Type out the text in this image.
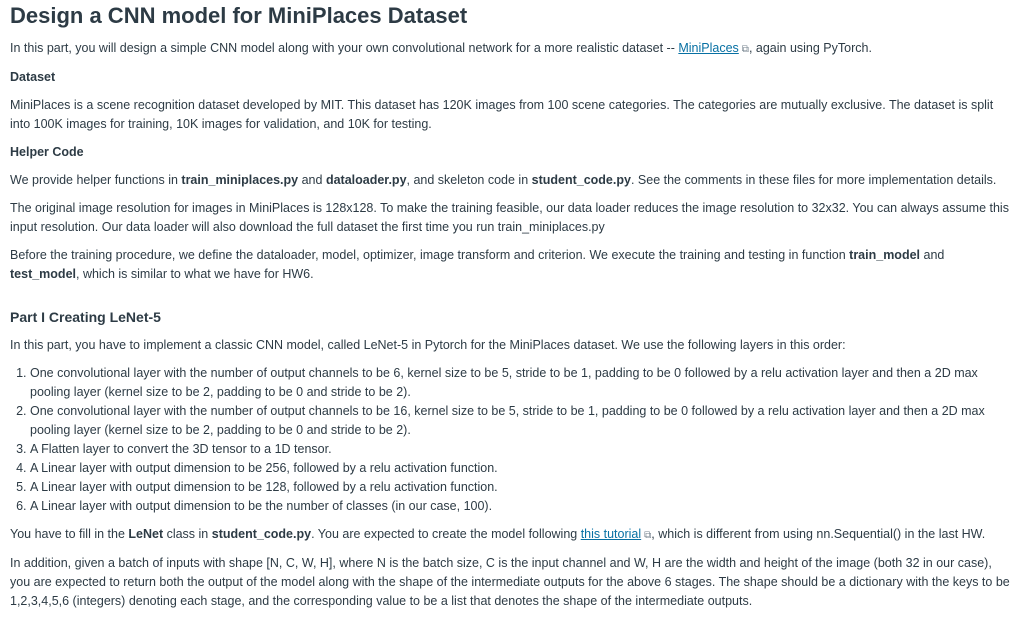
Design a CNN model for MiniPlaces Dataset

In this part, you will design a simple CNN model along with your own convolutional network for a more realistic dataset -- MiniPlaces ⧉, again using PyTorch.

Dataset

MiniPlaces is a scene recognition dataset developed by MIT. This dataset has 120K images from 100 scene categories. The categories are mutually exclusive. The dataset is split into 100K images for training, 10K images for validation, and 10K for testing.

Helper Code

We provide helper functions in train_miniplaces.py and dataloader.py, and skeleton code in student_code.py. See the comments in these files for more implementation details.

The original image resolution for images in MiniPlaces is 128x128. To make the training feasible, our data loader reduces the image resolution to 32x32. You can always assume this input resolution. Our data loader will also download the full dataset the first time you run train_miniplaces.py

Before the training procedure, we define the dataloader, model, optimizer, image transform and criterion. We execute the training and testing in function train_model and test_model, which is similar to what we have for HW6.

Part I Creating LeNet-5

In this part, you have to implement a classic CNN model, called LeNet-5 in Pytorch for the MiniPlaces dataset. We use the following layers in this order:

1. One convolutional layer with the number of output channels to be 6, kernel size to be 5, stride to be 1, padding to be 0 followed by a relu activation layer and then a 2D max pooling layer (kernel size to be 2, padding to be 0 and stride to be 2).
2. One convolutional layer with the number of output channels to be 16, kernel size to be 5, stride to be 1, padding to be 0 followed by a relu activation layer and then a 2D max pooling layer (kernel size to be 2, padding to be 0 and stride to be 2).
3. A Flatten layer to convert the 3D tensor to a 1D tensor.
4. A Linear layer with output dimension to be 256, followed by a relu activation function.
5. A Linear layer with output dimension to be 128, followed by a relu activation function.
6. A Linear layer with output dimension to be the number of classes (in our case, 100).

You have to fill in the LeNet class in student_code.py. You are expected to create the model following this tutorial ⧉, which is different from using nn.Sequential() in the last HW.

In addition, given a batch of inputs with shape [N, C, W, H], where N is the batch size, C is the input channel and W, H are the width and height of the image (both 32 in our case), you are expected to return both the output of the model along with the shape of the intermediate outputs for the above 6 stages. The shape should be a dictionary with the keys to be 1,2,3,4,5,6 (integers) denoting each stage, and the corresponding value to be a list that denotes the shape of the intermediate outputs.
